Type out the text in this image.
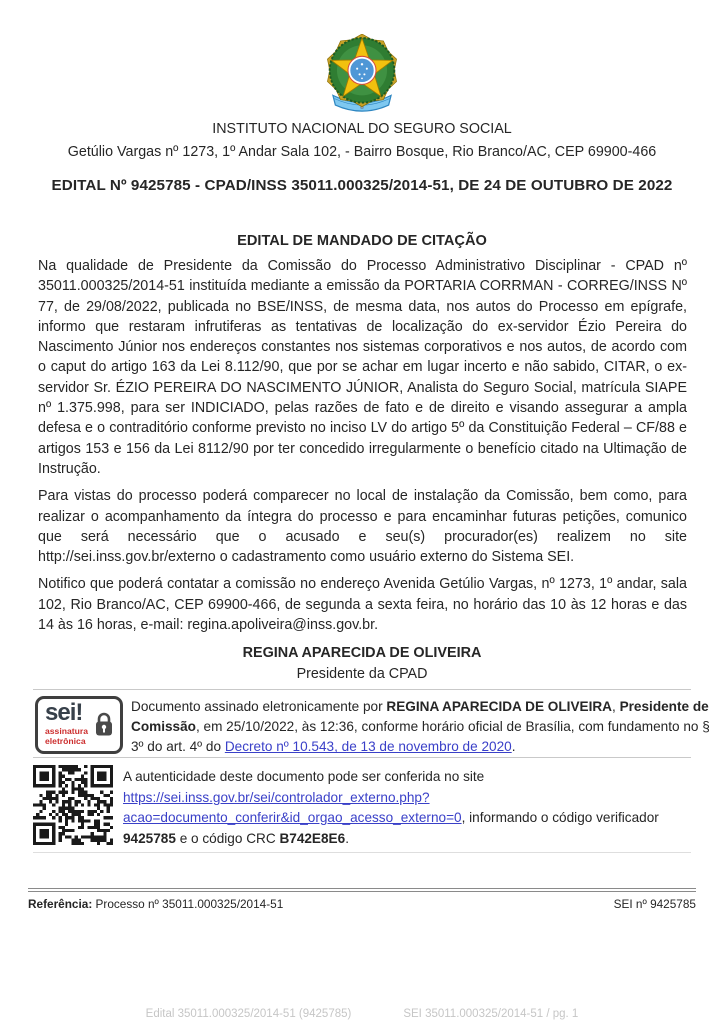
INSTITUTO NACIONAL DO SEGURO SOCIAL
Getúlio Vargas nº 1273, 1º Andar Sala 102, - Bairro Bosque, Rio Branco/AC, CEP 69900-466
EDITAL Nº 9425785 - CPAD/INSS 35011.000325/2014-51, DE 24 DE OUTUBRO DE 2022
EDITAL DE MANDADO DE CITAÇÃO

Na qualidade de Presidente da Comissão do Processo Administrativo Disciplinar - CPAD nº 35011.000325/2014-51 instituída mediante a emissão da PORTARIA CORRMAN - CORREG/INSS Nº 77, de 29/08/2022, publicada no BSE/INSS, de mesma data, nos autos do Processo em epígrafe, informo que restaram infrutiferas as tentativas de localização do ex-servidor Ézio Pereira do Nascimento Júnior nos endereços constantes nos sistemas corporativos e nos autos, de acordo com o caput do artigo 163 da Lei 8.112/90, que por se achar em lugar incerto e não sabido, CITAR, o ex-servidor Sr. ÉZIO PEREIRA DO NASCIMENTO JÚNIOR, Analista do Seguro Social, matrícula SIAPE nº 1.375.998, para ser INDICIADO, pelas razões de fato e de direito e visando assegurar a ampla defesa e o contraditório conforme previsto no inciso LV do artigo 5º da Constituição Federal – CF/88 e artigos 153 e 156 da Lei 8112/90 por ter concedido irregularmente o benefício citado na Ultimação de Instrução.

Para vistas do processo poderá comparecer no local de instalação da Comissão, bem como, para realizar o acompanhamento da íntegra do processo e para encaminhar futuras petições, comunico que será necessário que o acusado e seu(s) procurador(es) realizem no site http://sei.inss.gov.br/externo o cadastramento como usuário externo do Sistema SEI.

Notifico que poderá contatar a comissão no endereço Avenida Getúlio Vargas, nº 1273, 1º andar, sala 102, Rio Branco/AC, CEP 69900-466, de segunda a sexta feira, no horário das 10 às 12 horas e das 14 às 16 horas, e-mail: regina.apoliveira@inss.gov.br.

REGINA APARECIDA DE OLIVEIRA
Presidente da CPAD
sei!
assinatura
eletrônica

Documento assinado eletronicamente por REGINA APARECIDA DE OLIVEIRA, Presidente de Comissão, em 25/10/2022, às 12:36, conforme horário oficial de Brasília, com fundamento no § 3º do art. 4º do Decreto nº 10.543, de 13 de novembro de 2020.

A autenticidade deste documento pode ser conferida no site
https://sei.inss.gov.br/sei/controlador_externo.php?
acao=documento_conferir&id_orgao_acesso_externo=0, informando o código verificador 9425785 e o código CRC B742E8E6.

Referência: Processo nº 35011.000325/2014-51	SEI nº 9425785
Edital 35011.000325/2014-51 (9425785)	SEI 35011.000325/2014-51 / pg. 1
